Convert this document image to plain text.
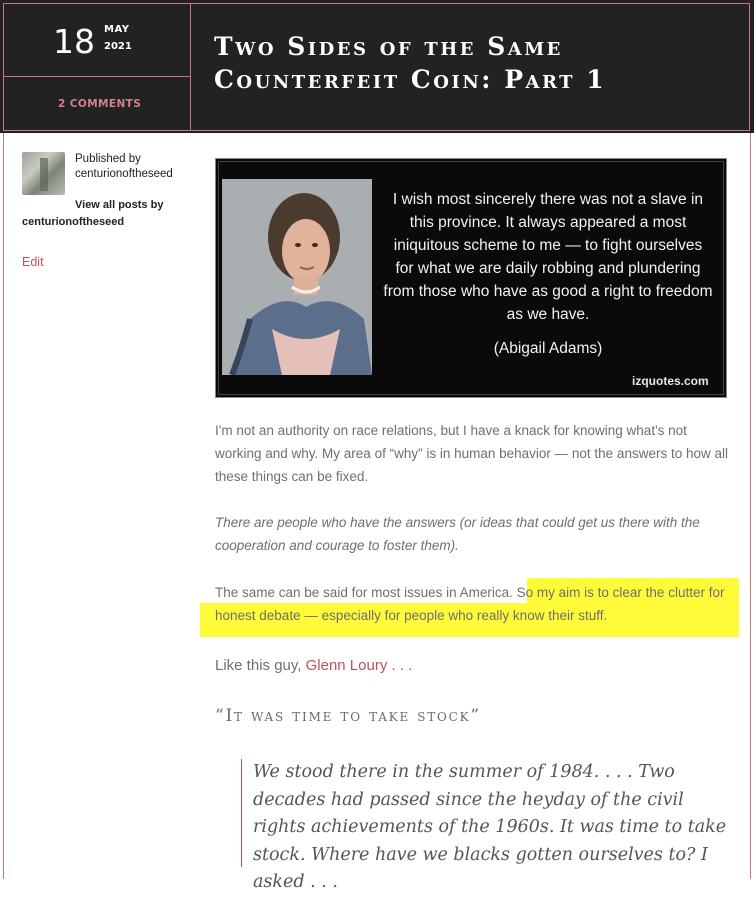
18 MAY
2021
2 COMMENTS
Two Sides of the Same Counterfeit Coin: Part 1
Published by
centurionoftheseed
View all posts by
centurionoftheseed
Edit
I wish most sincerely there was not a slave in this province. It always appeared a most iniquitous scheme to me — to fight ourselves for what we are daily robbing and plundering from those who have as good a right to freedom as we have.
(Abigail Adams)
izquotes.com

I'm not an authority on race relations, but I have a knack for knowing what's not working and why. My area of “why” is in human behavior — not the answers to how all these things can be fixed.

There are people who have the answers (or ideas that could get us there with the cooperation and courage to foster them).

The same can be said for most issues in America. So my aim is to clear the clutter for honest debate — especially for people who really know their stuff.

Like this guy, Glenn Loury . . .

“It was time to take stock”

We stood there in the summer of 1984. . . . Two decades had passed since the heyday of the civil rights achievements of the 1960s. It was time to take stock. Where have we blacks gotten ourselves to? I asked . . .
